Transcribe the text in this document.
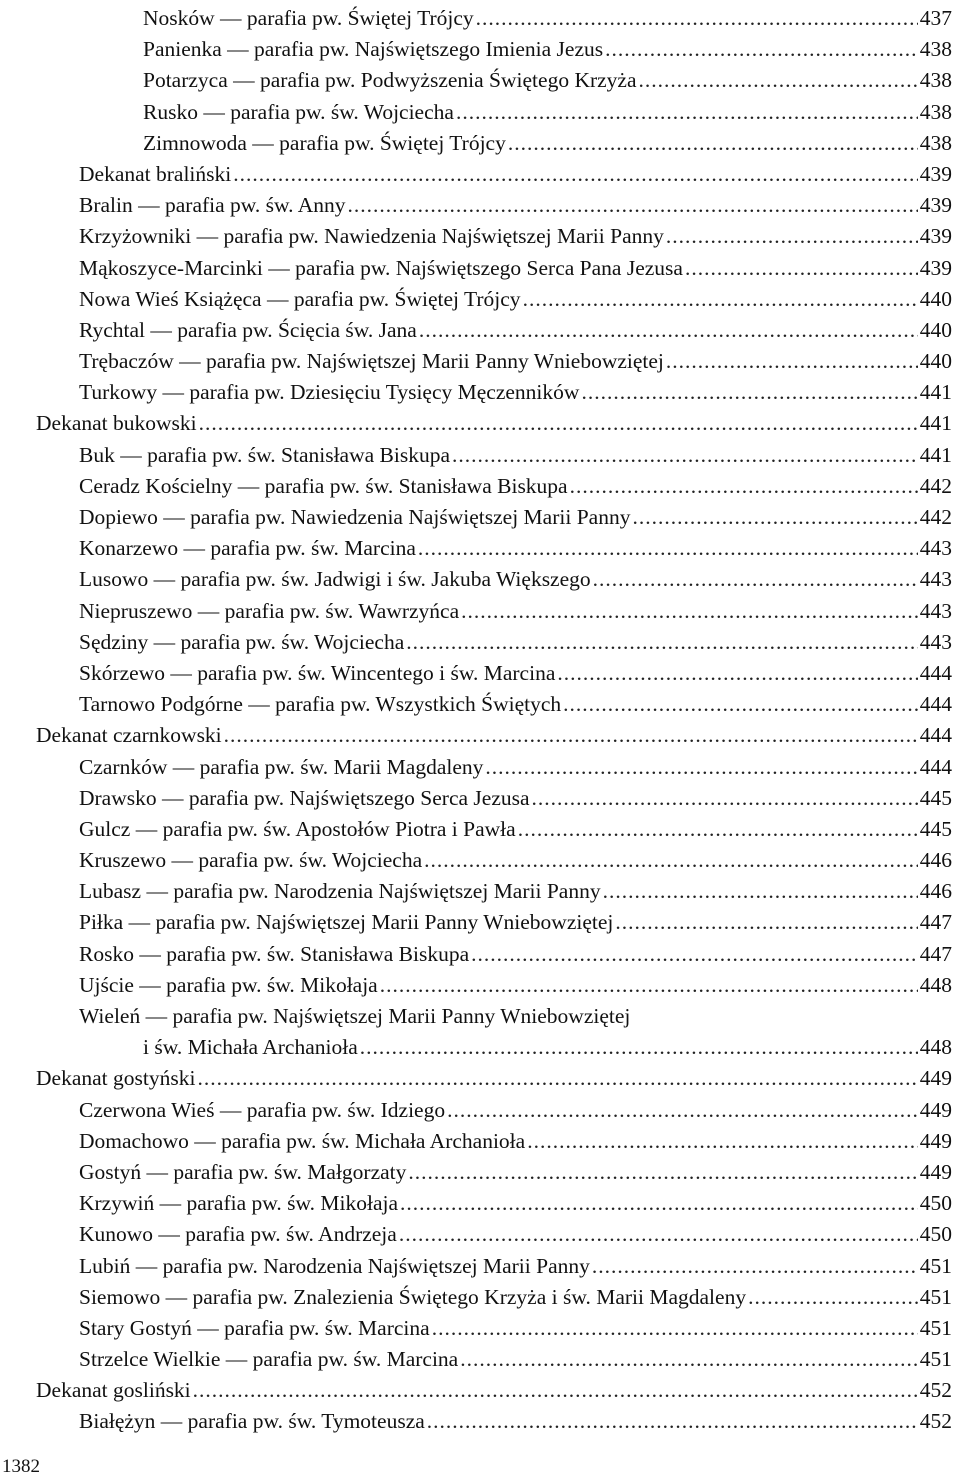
Nosków — parafia pw. Świętej Trójcy .....	437
Panienka — parafia pw. Najświętszego Imienia Jezus .....	438
Potarzyca — parafia pw. Podwyższenia Świętego Krzyża .....	438
Rusko — parafia pw. św. Wojciecha .....	438
Zimnowoda — parafia pw. Świętej Trójcy .....	438
Dekanat braliński .....	439
Bralin — parafia pw. św. Anny .....	439
Krzyżowniki — parafia pw. Nawiedzenia Najświętszej Marii Panny .....	439
Mąkoszyce-Marcinki — parafia pw. Najświętszego Serca Pana Jezusa .....	439
Nowa Wieś Książęca — parafia pw. Świętej Trójcy .....	440
Rychtal — parafia pw. Ścięcia św. Jana .....	440
Trębaczów — parafia pw. Najświętszej Marii Panny Wniebowziętej .....	440
Turkowy — parafia pw. Dziesięciu Tysięcy Męczenników .....	441
Dekanat bukowski .....	441
Buk — parafia pw. św. Stanisława Biskupa .....	441
Ceradz Kościelny — parafia pw. św. Stanisława Biskupa .....	442
Dopiewo — parafia pw. Nawiedzenia Najświętszej Marii Panny .....	442
Konarzewo — parafia pw. św. Marcina .....	443
Lusowo — parafia pw. św. Jadwigi i św. Jakuba Większego .....	443
Niepruszewo — parafia pw. św. Wawrzyńca .....	443
Sędziny — parafia pw. św. Wojciecha .....	443
Skórzewo — parafia pw. św. Wincentego i św. Marcina .....	444
Tarnowo Podgórne — parafia pw. Wszystkich Świętych .....	444
Dekanat czarnkowski .....	444
Czarnków — parafia pw. św. Marii Magdaleny .....	444
Drawsko — parafia pw. Najświętszego Serca Jezusa .....	445
Gulcz — parafia pw. św. Apostołów Piotra i Pawła .....	445
Kruszewo — parafia pw. św. Wojciecha .....	446
Lubasz — parafia pw. Narodzenia Najświętszej Marii Panny .....	446
Piłka — parafia pw. Najświętszej Marii Panny Wniebowziętej .....	447
Rosko — parafia pw. św. Stanisława Biskupa .....	447
Ujście — parafia pw. św. Mikołaja .....	448
Wieleń — parafia pw. Najświętszej Marii Panny Wniebowziętej
i św. Michała Archanioła .....	448
Dekanat gostyński .....	449
Czerwona Wieś — parafia pw. św. Idziego .....	449
Domachowo — parafia pw. św. Michała Archanioła .....	449
Gostyń — parafia pw. św. Małgorzaty .....	449
Krzywiń — parafia pw. św. Mikołaja .....	450
Kunowo — parafia pw. św. Andrzeja .....	450
Lubiń — parafia pw. Narodzenia Najświętszej Marii Panny .....	451
Siemowo — parafia pw. Znalezienia Świętego Krzyża i św. Marii Magdaleny .....	451
Stary Gostyń — parafia pw. św. Marcina .....	451
Strzelce Wielkie — parafia pw. św. Marcina .....	451
Dekanat gosliński .....	452
Białężyn — parafia pw. św. Tymoteusza .....	452
1382
